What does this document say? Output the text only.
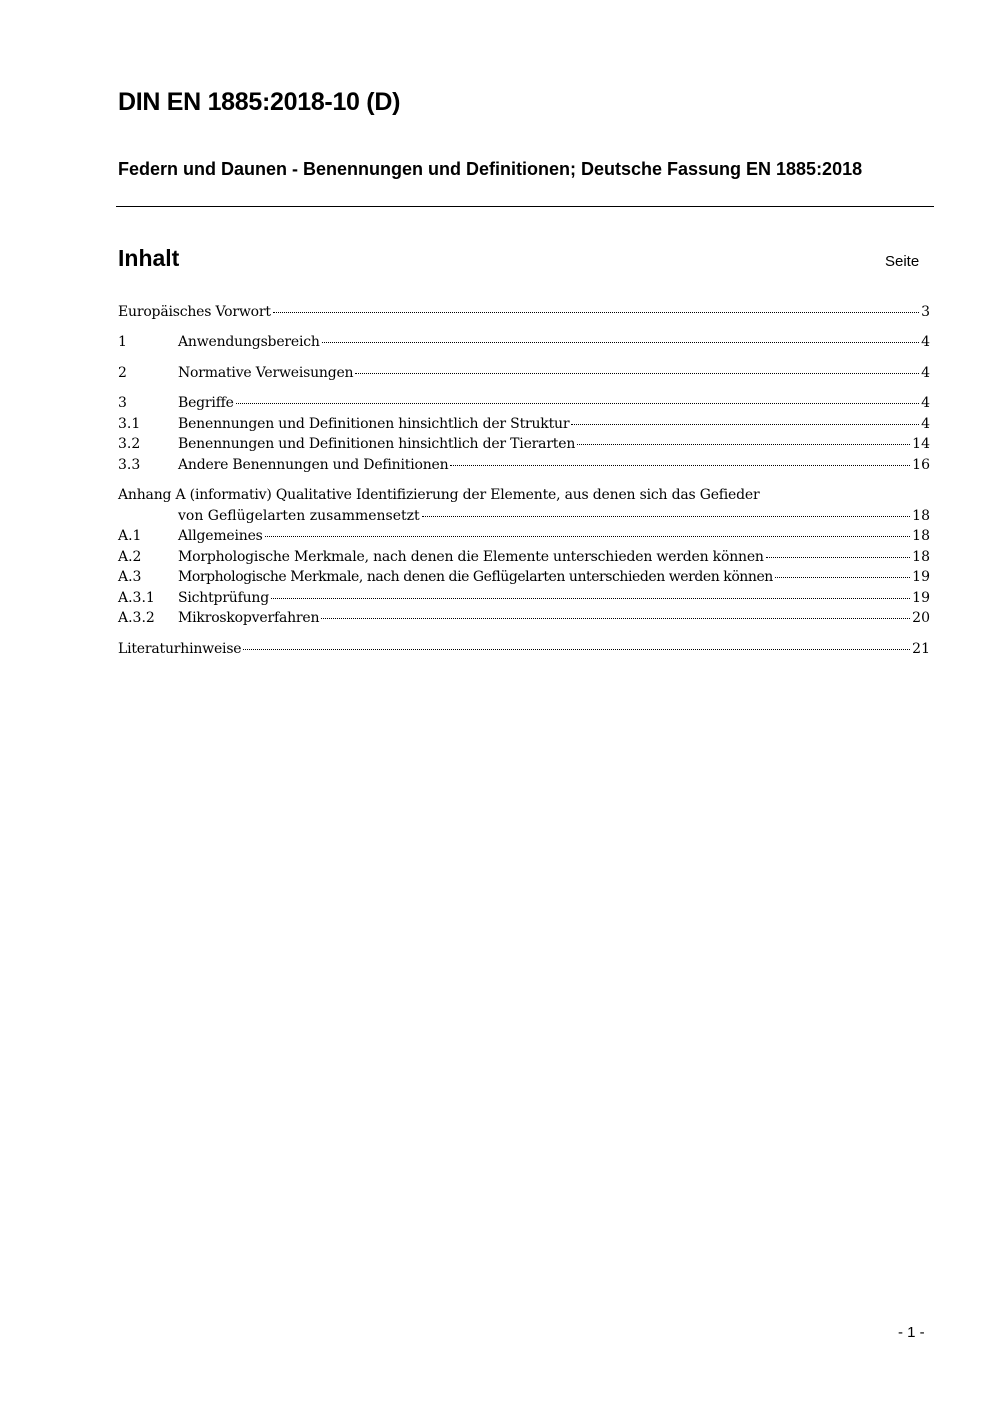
DIN EN 1885:2018-10 (D)
Federn und Daunen - Benennungen und Definitionen; Deutsche Fassung EN 1885:2018
Inhalt	Seite
Europäisches Vorwort	3
1	Anwendungsbereich	4
2	Normative Verweisungen	4
3	Begriffe	4
3.1	Benennungen und Definitionen hinsichtlich der Struktur	4
3.2	Benennungen und Definitionen hinsichtlich der Tierarten	14
3.3	Andere Benennungen und Definitionen	16
Anhang A (informativ) Qualitative Identifizierung der Elemente, aus denen sich das Gefieder
von Geflügelarten zusammensetzt	18
A.1	Allgemeines	18
A.2	Morphologische Merkmale, nach denen die Elemente unterschieden werden können	18
A.3	Morphologische Merkmale, nach denen die Geflügelarten unterschieden werden können	19
A.3.1	Sichtprüfung	19
A.3.2	Mikroskopverfahren	20
Literaturhinweise	21
- 1 -
